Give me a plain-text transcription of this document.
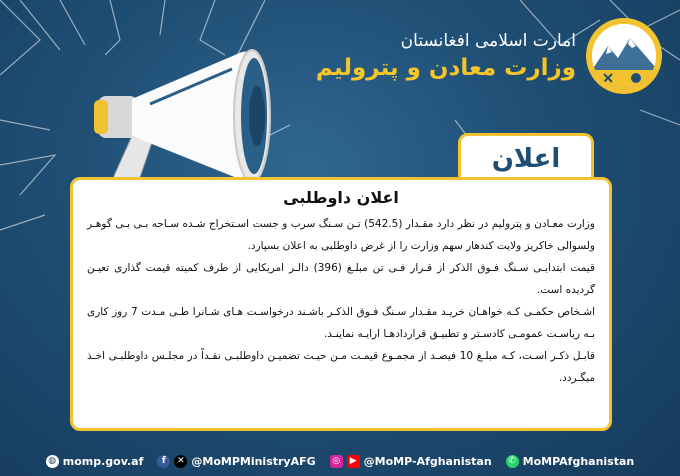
امارت اسلامی افغانستان
وزارت معادن و پترولیم
اعلان
اعلان داوطلبی

وزارت معـادن و پترولیم در نظر دارد مقـدار (542.5) تـن سـنگ سرب و جست اسـتخراج شـده سـاحه بـی بـی گوهـر ولسوالی خاکریز ولایت کندهار سهم وزارت را از غرض داوطلبی به اعلان بسپارد.

قیمت ابتدایـی سـنگ فـوق الذکر از قـرار فـی تن مبلـغ (396) دالـر امریکایی از طرف کمیته قیمت گذاری تعیـن گردیده است.

اشـخاص حکمـی کـه خواهـان خریـد مقـدار سـنگ فـوق الذکـر باشـند درخواسـت هـای شـانرا طـی مـدت 7 روز کاری بـه ریاسـت عمومـی کادسـتر و تطبیـق قراردادهـا ارایـه نماینـد.

قابـل ذکـر اسـت، کـه مبلـغ 10 فیصـد از مجمـوع قیمـت مـن حیـث تضمیـن داوطلبـی نقـداً در مجلـس داوطلبـی اخـذ میگـردد.

◍ momp.gov.af	f	✕ @MoMPMinistryAFG ◎	▶ @MoMP-Afghanistan	✆ MoMPAfghanistan
